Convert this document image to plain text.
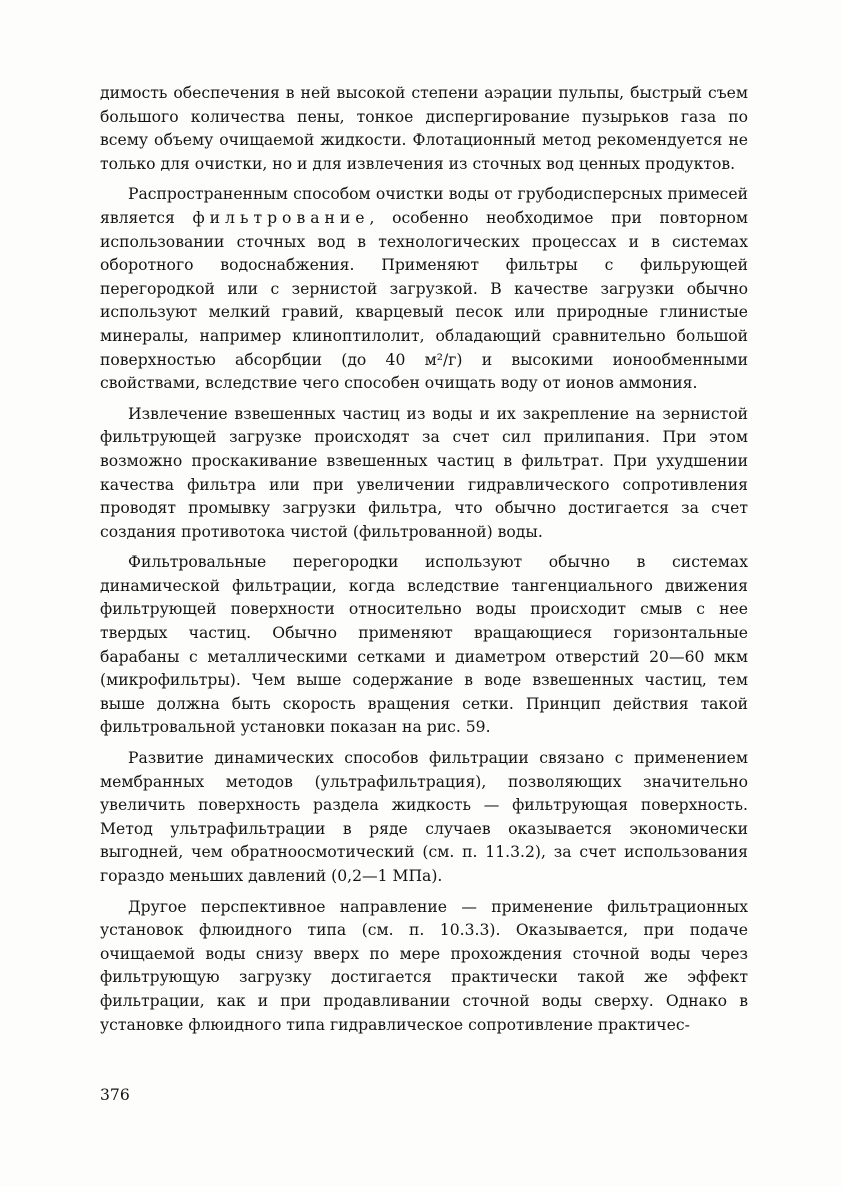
димость обеспечения в ней высокой степени аэрации пульпы, быстрый съем большого количества пены, тонкое диспергирование пузырьков газа по всему объему очищаемой жидкости. Флотационный метод рекомендуется не только для очистки, но и для извлечения из сточных вод ценных продуктов.

Распространенным способом очистки воды от грубодисперсных примесей является фильтрование, особенно необходимое при повторном использовании сточных вод в технологических процессах и в системах оборотного водоснабжения. Применяют фильтры с фильрующей перегородкой или с зернистой загрузкой. В качестве загрузки обычно используют мелкий гравий, кварцевый песок или природные глинистые минералы, например клиноптилолит, обладающий сравнительно большой поверхностью абсорбции (до 40 м²/г) и высокими ионообменными свойствами, вследствие чего способен очищать воду от ионов аммония.

Извлечение взвешенных частиц из воды и их закрепление на зернистой фильтрующей загрузке происходят за счет сил прилипания. При этом возможно проскакивание взвешенных частиц в фильтрат. При ухудшении качества фильтра или при увеличении гидравлического сопротивления проводят промывку загрузки фильтра, что обычно достигается за счет создания противотока чистой (фильтрованной) воды.

Фильтровальные перегородки используют обычно в системах динамической фильтрации, когда вследствие тангенциального движения фильтрующей поверхности относительно воды происходит смыв с нее твердых частиц. Обычно применяют вращающиеся горизонтальные барабаны с металлическими сетками и диаметром отверстий 20—60 мкм (микрофильтры). Чем выше содержание в воде взвешенных частиц, тем выше должна быть скорость вращения сетки. Принцип действия такой фильтровальной установки показан на рис. 59.

Развитие динамических способов фильтрации связано с применением мембранных методов (ультрафильтрация), позволяющих значительно увеличить поверхность раздела жидкость — фильтрующая поверхность. Метод ультрафильтрации в ряде случаев оказывается экономически выгодней, чем обратноосмотический (см. п. 11.3.2), за счет использования гораздо меньших давлений (0,2—1 МПа).

Другое перспективное направление — применение фильтрационных установок флюидного типа (см. п. 10.3.3). Оказывается, при подаче очищаемой воды снизу вверх по мере прохождения сточной воды через фильтрующую загрузку достигается практически такой же эффект фильтрации, как и при продавливании сточной воды сверху. Однако в установке флюидного типа гидравлическое сопротивление практичес-

376
